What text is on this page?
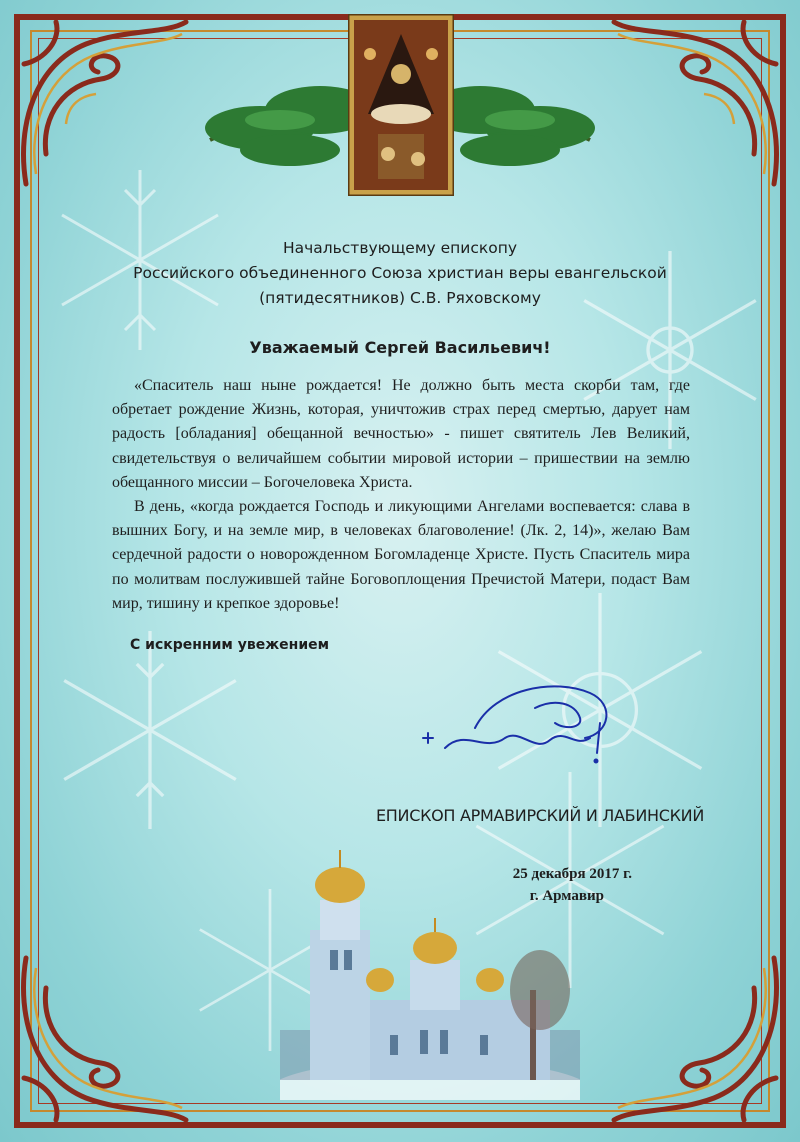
Начальствующему епископу
Российского объединенного Союза христиан веры евангельской
(пятидесятников) С.В. Ряховскому
Уважаемый Сергей Васильевич!

«Спаситель наш ныне рождается! Не должно быть места скорби там, где обретает рождение Жизнь, которая, уничтожив страх перед смертью, дарует нам радость [обладания] обещанной вечностью» - пишет святитель Лев Великий, свидетельствуя о величайшем событии мировой истории – пришествии на землю обещанного миссии – Богочеловека Христа.

В день, «когда рождается Господь и ликующими Ангелами воспевается: слава в вышних Богу, и на земле мир, в человеках благоволение! (Лк. 2, 14)», желаю Вам сердечной радости о новорожденном Богомладенце Христе. Пусть Спаситель мира по молитвам послужившей тайне Боговоплощения Пречистой Матери, подаст Вам мир, тишину и крепкое здоровье!

С искренним увежением
ЕПИСКОП АРМАВИРСКИЙ И ЛАБИНСКИЙ
25 декабря 2017 г.
г. Армавир
